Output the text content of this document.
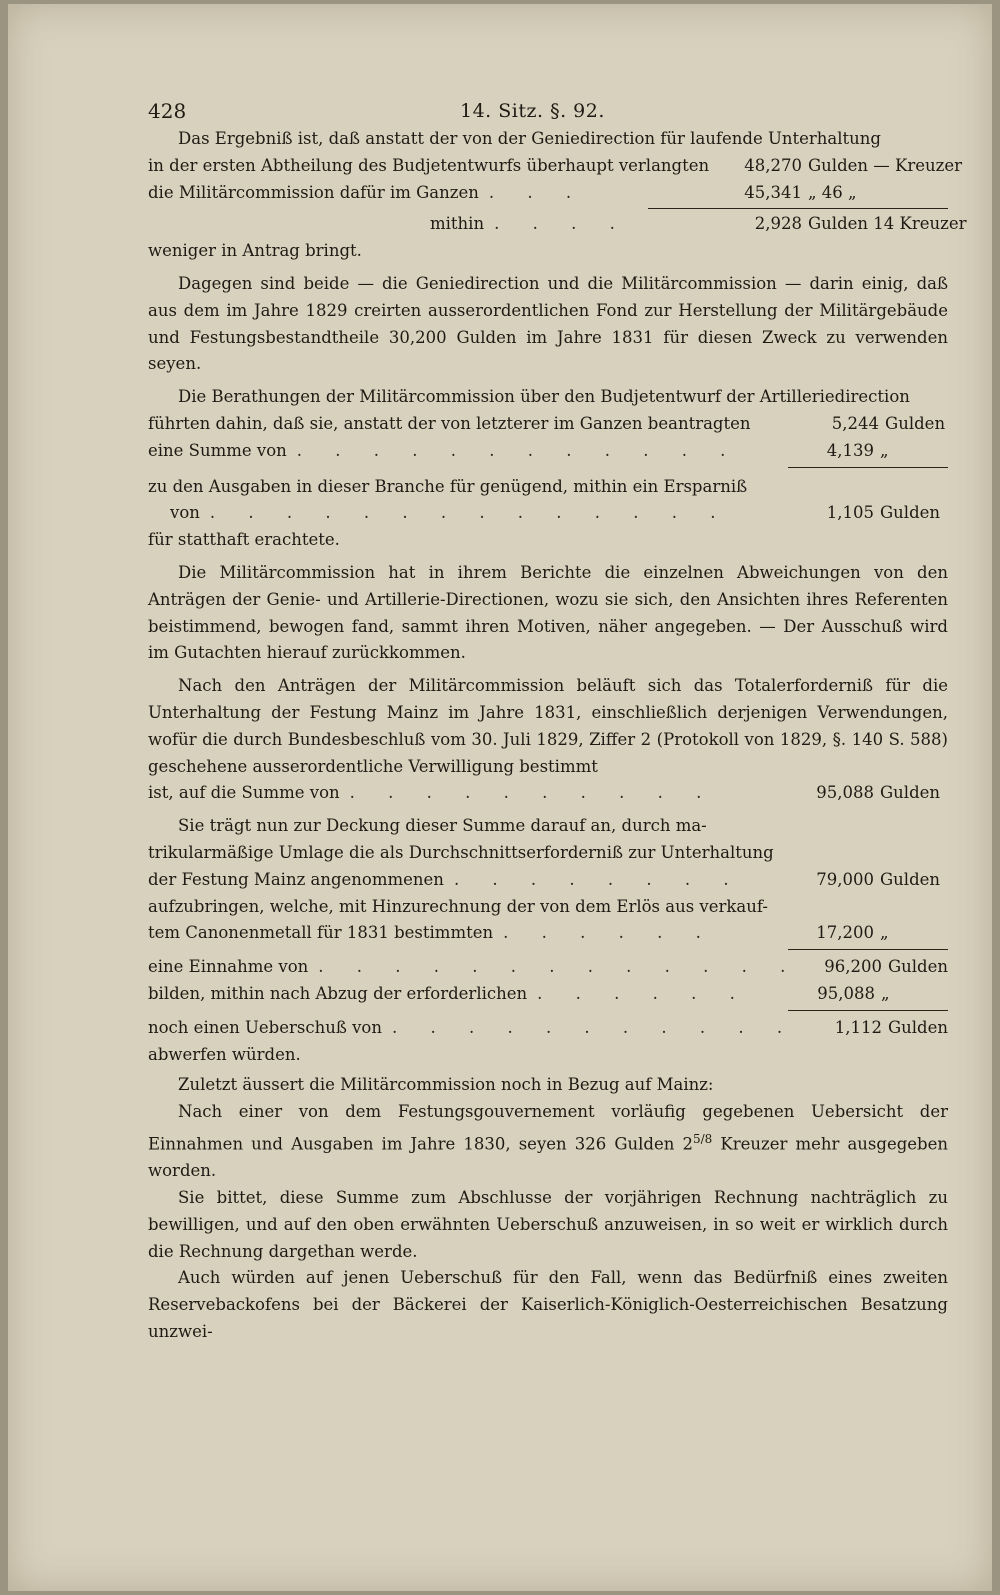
428	14. Sitz. §. 92.

Das Ergebniß ist, daß anstatt der von der Geniedirection für laufende Unterhaltung

in der ersten Abtheilung des Budjetentwurfs überhaupt verlangten	48,270 Gulden — Kreuzer
die Militärcommission dafür im Ganzen . . .	45,341 „ 46 „
mithin . . . .	2,928 Gulden 14 Kreuzer

weniger in Antrag bringt.

Dagegen sind beide — die Geniedirection und die Militärcommission — darin einig, daß aus dem im Jahre 1829 creirten ausserordentlichen Fond zur Herstellung der Militärgebäude und Festungsbestandtheile 30,200 Gulden im Jahre 1831 für diesen Zweck zu verwenden seyen.

Die Berathungen der Militärcommission über den Budjetentwurf der Artilleriedirection

führten dahin, daß sie, anstatt der von letzterer im Ganzen beantragten	5,244 Gulden
eine Summe von . . . . . . . . . . . .	4,139 „

zu den Ausgaben in dieser Branche für genügend, mithin ein Ersparniß

von . . . . . . . . . . . . . .	1,105 Gulden

für statthaft erachtete.

Die Militärcommission hat in ihrem Berichte die einzelnen Abweichungen von den Anträgen der Genie- und Artillerie-Directionen, wozu sie sich, den Ansichten ihres Referenten beistimmend, bewogen fand, sammt ihren Motiven, näher angegeben. — Der Ausschuß wird im Gutachten hierauf zurückkommen.

Nach den Anträgen der Militärcommission beläuft sich das Totalerforderniß für die Unterhaltung der Festung Mainz im Jahre 1831, einschließlich derjenigen Verwendungen, wofür die durch Bundesbeschluß vom 30. Juli 1829, Ziffer 2 (Protokoll von 1829, §. 140 S. 588) geschehene ausserordentliche Verwilligung bestimmt

ist, auf die Summe von . . . . . . . . . .	95,088 Gulden

Sie trägt nun zur Deckung dieser Summe darauf an, durch ma-

trikularmäßige Umlage die als Durchschnittserforderniß zur Unterhaltung

der Festung Mainz angenommenen . . . . . . . .	79,000 Gulden

aufzubringen, welche, mit Hinzurechnung der von dem Erlös aus verkauf-

tem Canonenmetall für 1831 bestimmten . . . . . .	17,200 „
eine Einnahme von . . . . . . . . . . . . .	96,200 Gulden
bilden, mithin nach Abzug der erforderlichen . . . . . .	95,088 „
noch einen Ueberschuß von . . . . . . . . . . .	1,112 Gulden

abwerfen würden.

Zuletzt äussert die Militärcommission noch in Bezug auf Mainz:

Nach einer von dem Festungsgouvernement vorläufig gegebenen Uebersicht der Einnahmen und Ausgaben im Jahre 1830, seyen 326 Gulden $2^{5/8}$ Kreuzer mehr ausgegeben worden.

Sie bittet, diese Summe zum Abschlusse der vorjährigen Rechnung nachträglich zu bewilligen, und auf den oben erwähnten Ueberschuß anzuweisen, in so weit er wirklich durch die Rechnung dargethan werde.

Auch würden auf jenen Ueberschuß für den Fall, wenn das Bedürfniß eines zweiten Reservebackofens bei der Bäckerei der Kaiserlich-Königlich-Oesterreichischen Besatzung unzwei-
